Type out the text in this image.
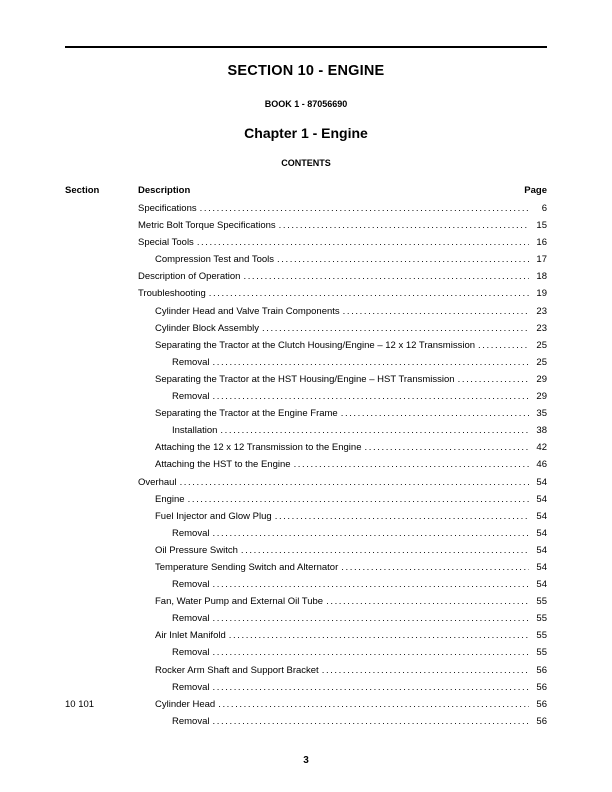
SECTION 10 - ENGINE
BOOK 1 - 87056690
Chapter 1 - Engine
CONTENTS
Section	Description	Page
Specifications .....	6
Metric Bolt Torque Specifications .....	15
Special Tools .....	16
Compression Test and Tools .....	17
Description of Operation .....	18
Troubleshooting .....	19
Cylinder Head and Valve Train Components .....	23
Cylinder Block Assembly .....	23
Separating the Tractor at the Clutch Housing/Engine – 12 x 12 Transmission .....	25
Removal .....	25
Separating the Tractor at the HST Housing/Engine – HST Transmission .....	29
Removal .....	29
Separating the Tractor at the Engine Frame .....	35
Installation .....	38
Attaching the 12 x 12 Transmission to the Engine .....	42
Attaching the HST to the Engine .....	46
Overhaul .....	54
Engine .....	54
Fuel Injector and Glow Plug .....	54
Removal .....	54
Oil Pressure Switch .....	54
Temperature Sending Switch and Alternator .....	54
Removal .....	54
Fan, Water Pump and External Oil Tube .....	55
Removal .....	55
Air Inlet Manifold .....	55
Removal .....	55
Rocker Arm Shaft and Support Bracket .....	56
Removal .....	56
10 101	Cylinder Head .....	56
Removal .....	56
3
